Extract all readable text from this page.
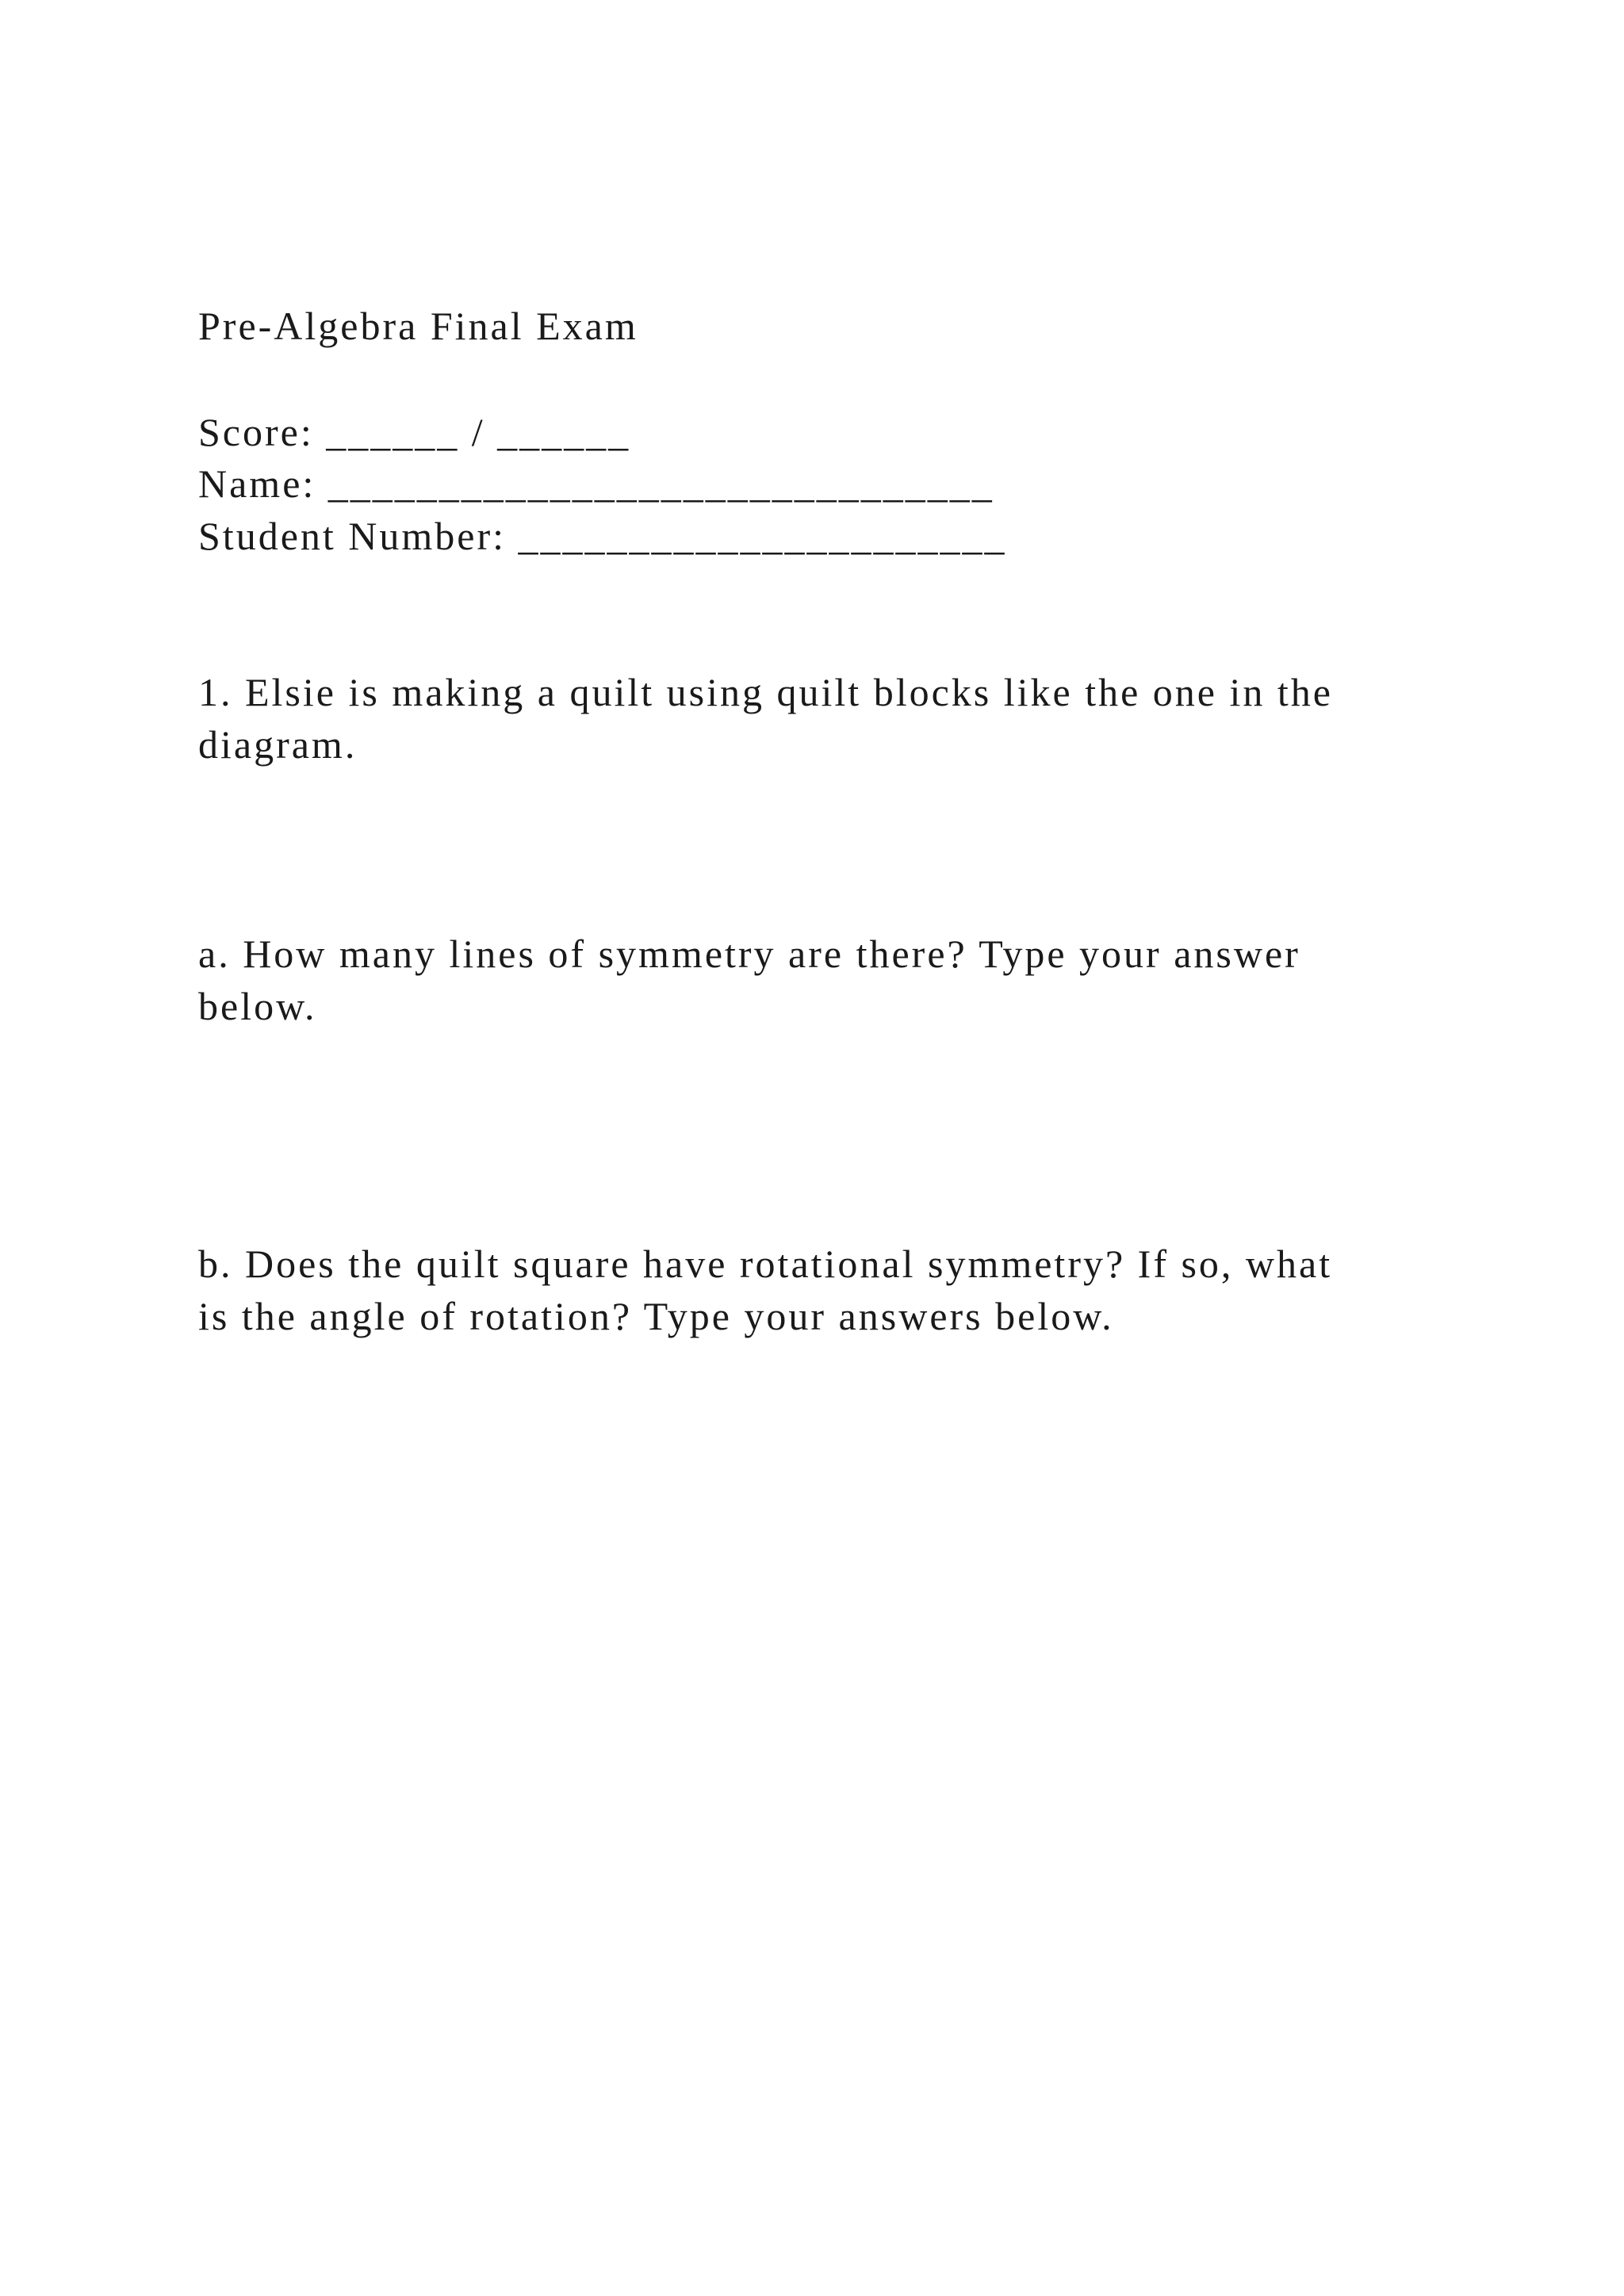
Pre-Algebra Final Exam

Score: ______ / ______

Name: ______________________________

Student Number: ______________________

1. Elsie is making a quilt using quilt blocks like the one in the

diagram.

a. How many lines of symmetry are there? Type your answer

below.

b. Does the quilt square have rotational symmetry? If so, what

is the angle of rotation? Type your answers below.
